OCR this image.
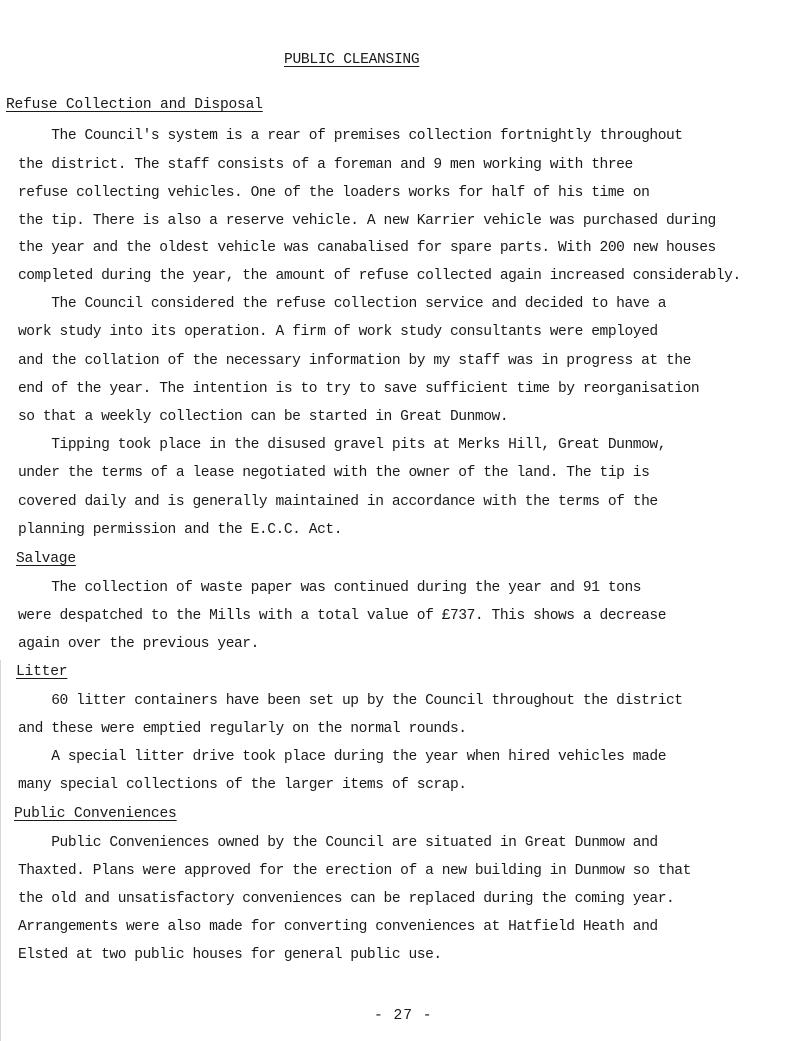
PUBLIC CLEANSING
Refuse Collection and Disposal
The Council's system is a rear of premises collection fortnightly throughout
the district. The staff consists of a foreman and 9 men working with three
refuse collecting vehicles. One of the loaders works for half of his time on
the tip. There is also a reserve vehicle. A new Karrier vehicle was purchased during
the year and the oldest vehicle was canabalised for spare parts. With 200 new houses
completed during the year, the amount of refuse collected again increased considerably.
The Council considered the refuse collection service and decided to have a
work study into its operation. A firm of work study consultants were employed
and the collation of the necessary information by my staff was in progress at the
end of the year. The intention is to try to save sufficient time by reorganisation
so that a weekly collection can be started in Great Dunmow.
Tipping took place in the disused gravel pits at Merks Hill, Great Dunmow,
under the terms of a lease negotiated with the owner of the land. The tip is
covered daily and is generally maintained in accordance with the terms of the
planning permission and the E.C.C. Act.
Salvage
The collection of waste paper was continued during the year and 91 tons
were despatched to the Mills with a total value of £737. This shows a decrease
again over the previous year.
Litter
60 litter containers have been set up by the Council throughout the district
and these were emptied regularly on the normal rounds.
A special litter drive took place during the year when hired vehicles made
many special collections of the larger items of scrap.
Public Conveniences
Public Conveniences owned by the Council are situated in Great Dunmow and
Thaxted. Plans were approved for the erection of a new building in Dunmow so that
the old and unsatisfactory conveniences can be replaced during the coming year.
Arrangements were also made for converting conveniences at Hatfield Heath and
Elsted at two public houses for general public use.
- 27 -
